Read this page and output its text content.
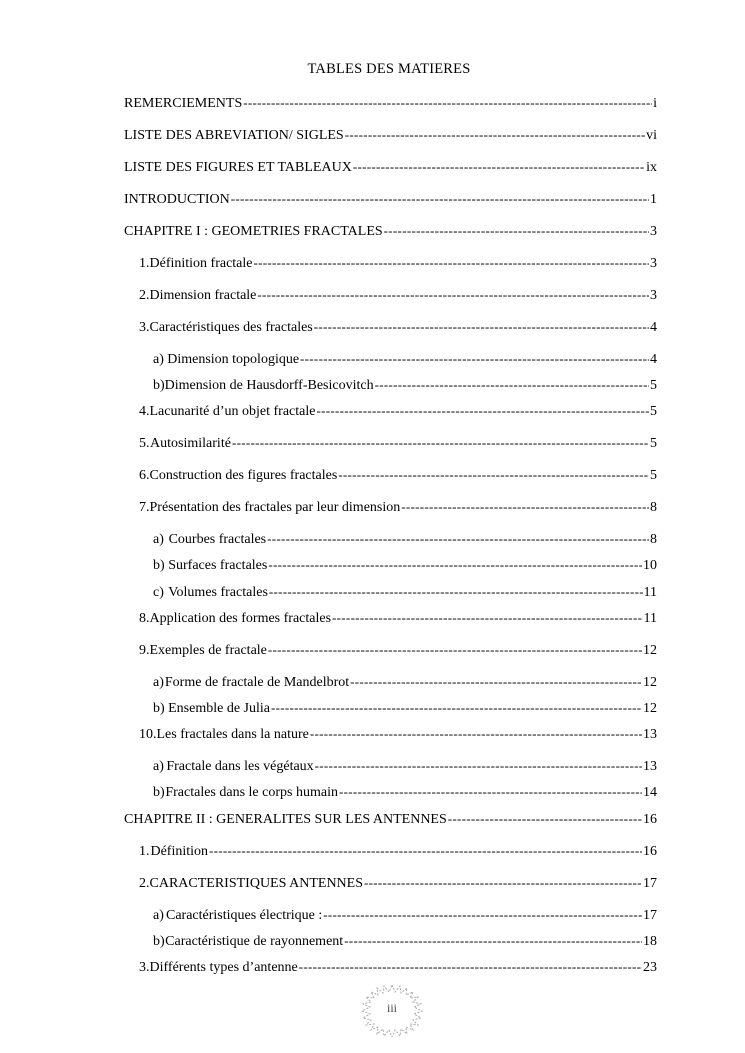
TABLES DES MATIERES
REMERCIEMENTS -----	i
LISTE DES ABREVIATION/ SIGLES -----	vi
LISTE DES FIGURES ET TABLEAUX -----	ix
INTRODUCTION -----	1
CHAPITRE I : GEOMETRIES FRACTALES -----	3
1. Définition fractale -----	3
2. Dimension fractale -----	3
3. Caractéristiques des fractales -----	4
a) Dimension topologique -----	4
b) Dimension de Hausdorff-Besicovitch -----	5
4. Lacunarité d’un objet fractale -----	5
5. Autosimilarité -----	5
6. Construction des figures fractales -----	5
7. Présentation des fractales par leur dimension -----	8
a) Courbes fractales -----	8
b) Surfaces fractales -----	10
c) Volumes fractales -----	11
8. Application des formes fractales -----	11
9. Exemples de fractale -----	12
a) Forme de fractale de Mandelbrot -----	12
b) Ensemble de Julia -----	12
10. Les fractales dans la nature -----	13
a) Fractale dans les végétaux -----	13
b) Fractales dans le corps humain -----	14
CHAPITRE II : GENERALITES SUR LES ANTENNES -----	16
1. Définition -----	16
2. CARACTERISTIQUES ANTENNES -----	17
a) Caractéristiques électrique : -----	17
b) Caractéristique de rayonnement -----	18
3. Différents types d’antenne -----	23
iii
